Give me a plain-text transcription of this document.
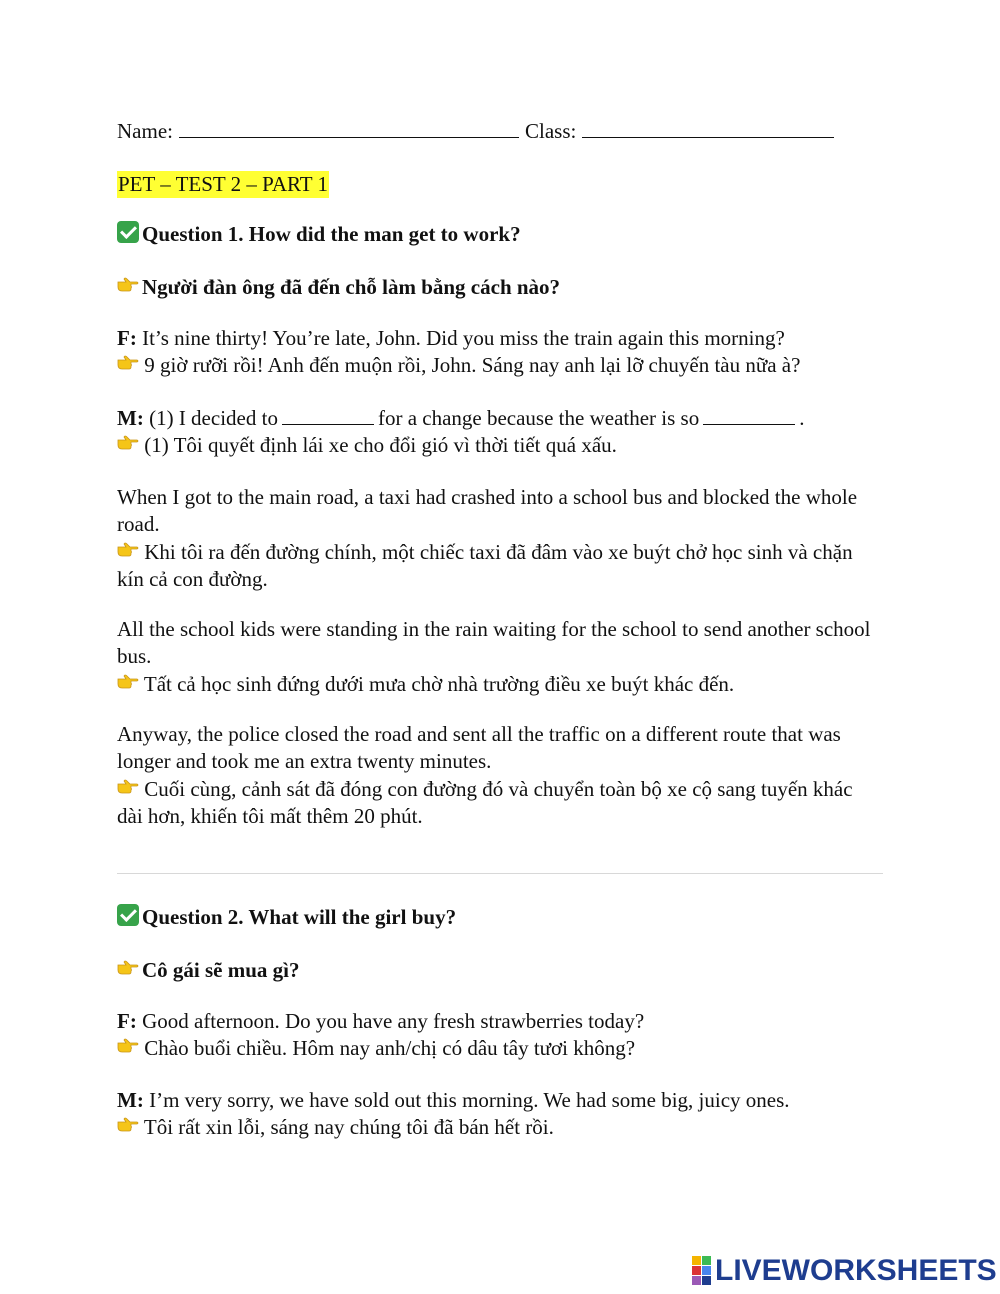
Name:	Class:
PET – TEST 2 – PART 1
Question 1. How did the man get to work?
Người đàn ông đã đến chỗ làm bằng cách nào?

F: It’s nine thirty! You’re late, John. Did you miss the train again this morning?

9 giờ rưỡi rồi! Anh đến muộn rồi, John. Sáng nay anh lại lỡ chuyến tàu nữa à?

M: (1) I decided to	for a change because the weather is so	.

(1) Tôi quyết định lái xe cho đổi gió vì thời tiết quá xấu.

When I got to the main road, a taxi had crashed into a school bus and blocked the whole road.

Khi tôi ra đến đường chính, một chiếc taxi đã đâm vào xe buýt chở học sinh và chặn kín cả con đường.

All the school kids were standing in the rain waiting for the school to send another school bus.

Tất cả học sinh đứng dưới mưa chờ nhà trường điều xe buýt khác đến.

Anyway, the police closed the road and sent all the traffic on a different route that was longer and took me an extra twenty minutes.

Cuối cùng, cảnh sát đã đóng con đường đó và chuyển toàn bộ xe cộ sang tuyến khác dài hơn, khiến tôi mất thêm 20 phút.

Question 2. What will the girl buy?
Cô gái sẽ mua gì?

F: Good afternoon. Do you have any fresh strawberries today?

Chào buổi chiều. Hôm nay anh/chị có dâu tây tươi không?

M: I’m very sorry, we have sold out this morning. We had some big, juicy ones.

Tôi rất xin lỗi, sáng nay chúng tôi đã bán hết rồi.

LIVEWORKSHEETS
